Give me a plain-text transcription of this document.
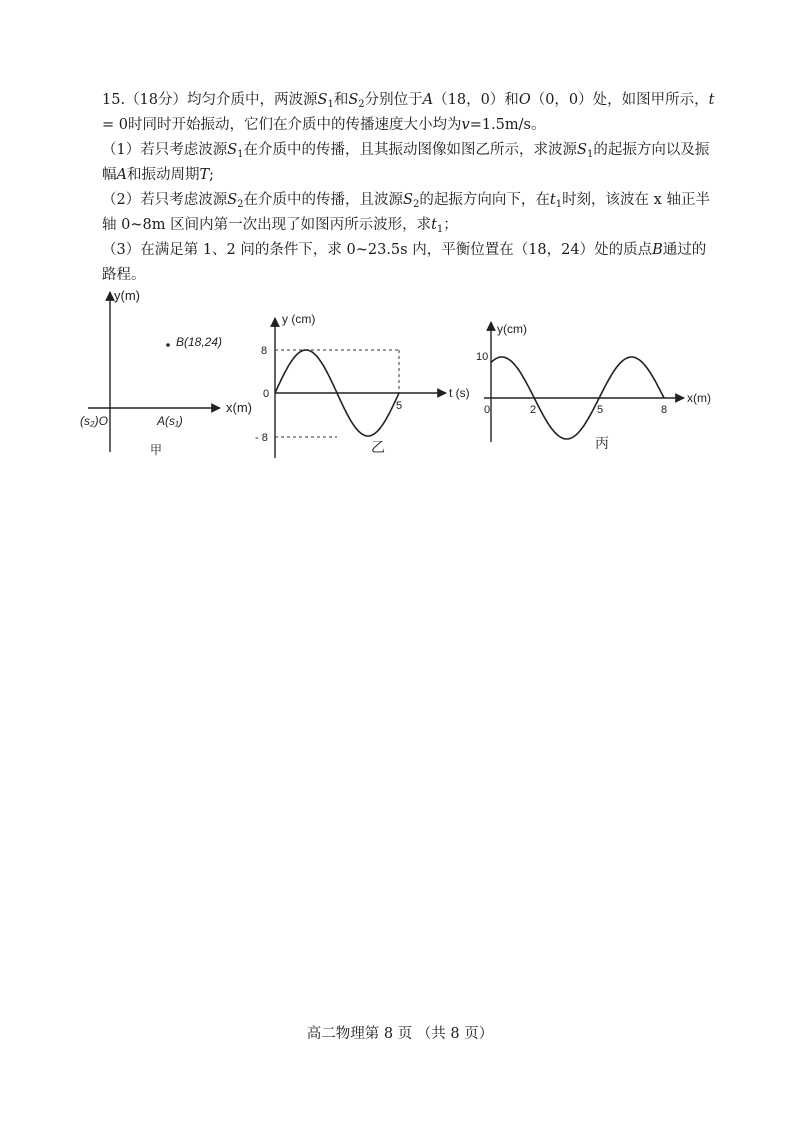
15.（18分）均匀介质中，两波源$S_1$和$S_2$分别位于A（18，0）和O（0，0）处，如图甲所示，t = 0时同时开始振动，它们在介质中的传播速度大小均为v=1.5m/s。

（1）若只考虑波源$S_1$在介质中的传播，且其振动图像如图乙所示，求波源$S_1$的起振方向以及振幅A和振动周期T;

（2）若只考虑波源$S_2$在介质中的传播，且波源$S_2$的起振方向向下，在$t_1$时刻，该波在 x 轴正半轴 0~8m 区间内第一次出现了如图丙所示波形，求$t_1$；

（3）在满足第 1、2 问的条件下，求 0~23.5s 内，平衡位置在（18，24）处的质点B通过的路程。

y(m)
x(m)
B(18,24)
(s₂)O	A(s₁)
甲
y (cm)
t (s)
8
0
- 8
5
乙
y(cm)
x(m)
10
0	2	5	8
丙
高二物理第 8 页 （共 8 页）
